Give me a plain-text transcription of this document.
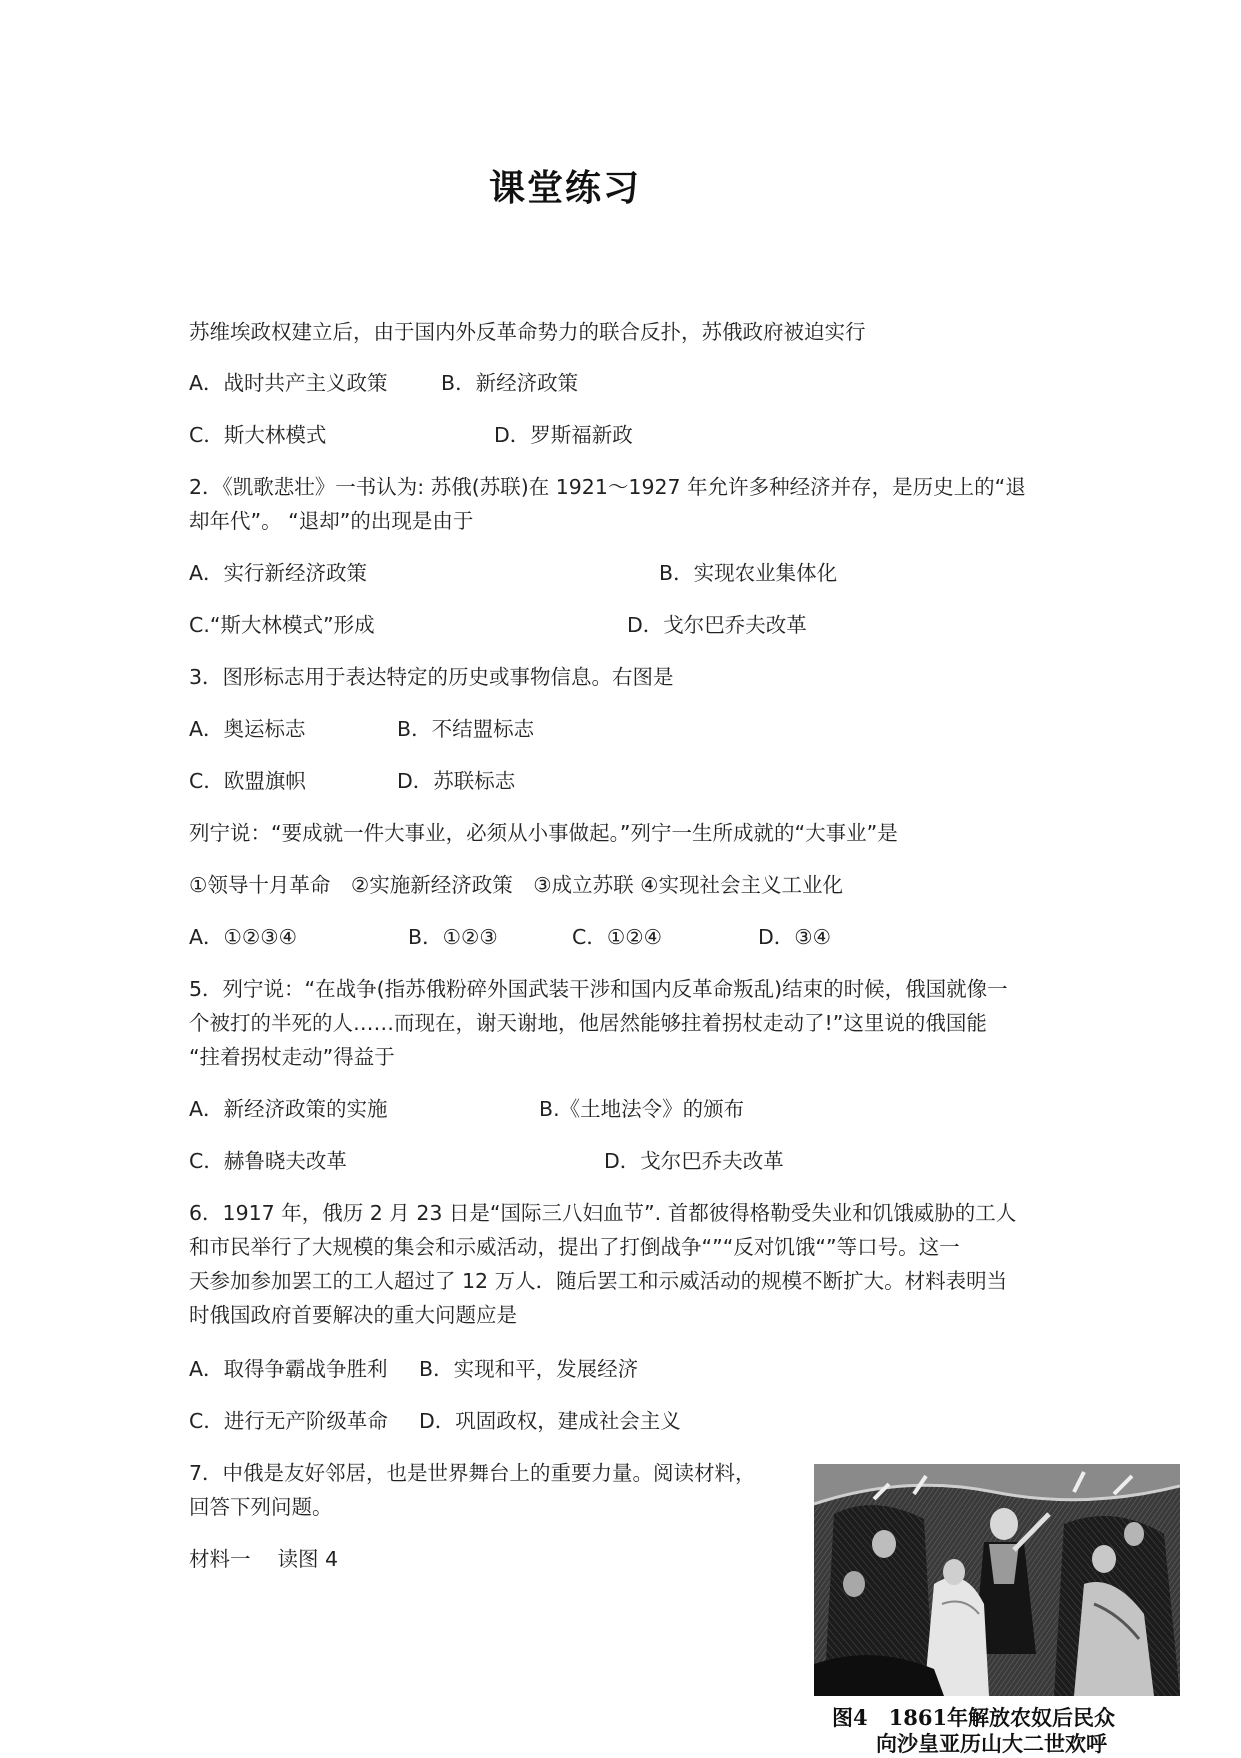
课堂练习
苏维埃政权建立后，由于国内外反革命势力的联合反扑，苏俄政府被迫实行
A．战时共产主义政策	B．新经济政策
C．斯大林模式	D．罗斯福新政
2．《凯歌悲壮》一书认为: 苏俄(苏联)在 1921～1927 年允许多种经济并存，是历史上的“退
却年代”。 “退却”的出现是由于
A．实行新经济政策	B．实现农业集体化
C.“斯大林模式”形成	D．戈尔巴乔夫改革
3．图形标志用于表达特定的历史或事物信息。右图是
A．奥运标志	B．不结盟标志
C．欧盟旗帜	D．苏联标志
列宁说：“要成就一件大事业，必须从小事做起。”列宁一生所成就的“大事业”是
①领导十月革命　②实施新经济政策　③成立苏联 ④实现社会主义工业化
A．①②③④	B．①②③	C．①②④	D．③④
5．列宁说：“在战争(指苏俄粉碎外国武装干涉和国内反革命叛乱)结束的时候，俄国就像一
个被打的半死的人……而现在，谢天谢地，他居然能够拄着拐杖走动了!”这里说的俄国能
“拄着拐杖走动”得益于
A．新经济政策的实施	B.《土地法令》的颁布
C．赫鲁晓夫改革	D．戈尔巴乔夫改革
6．1917 年，俄历 2 月 23 日是“国际三八妇血节”. 首都彼得格勒受失业和饥饿威胁的工人
和市民举行了大规模的集会和示威活动，提出了打倒战争“”“反对饥饿“”等口号。这一
天参加参加罢工的工人超过了 12 万人．随后罢工和示威活动的规模不断扩大。材料表明当
时俄国政府首要解决的重大问题应是
A．取得争霸战争胜利 B．实现和平，发展经济
C．进行无产阶级革命 D．巩固政权，建成社会主义
7．中俄是友好邻居，也是世界舞台上的重要力量。阅读材料，
回答下列问题。
材料一　 读图 4
图4　1861年解放农奴后民众
向沙皇亚历山大二世欢呼
